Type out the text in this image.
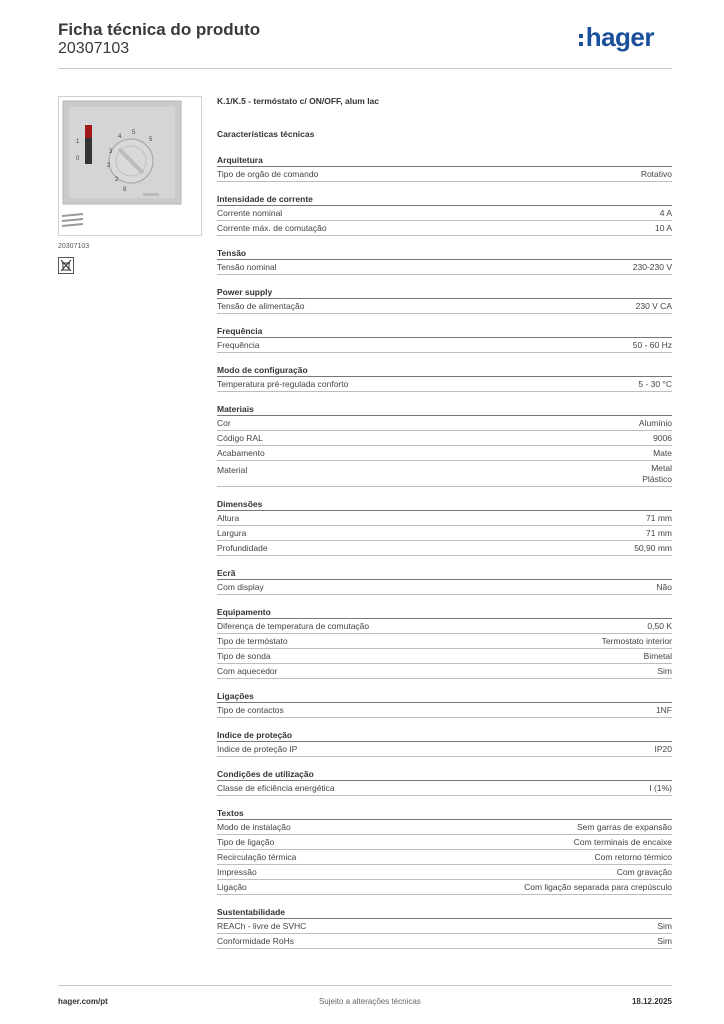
Ficha técnica do produto
20307103	hager
1
0
5
4
3
2
2
8
5
20307103
K.1/K.5 - termóstato c/ ON/OFF, alum lac
Características técnicas
Arquitetura
Tipo de orgão de comando	Rotativo
Intensidade de corrente
Corrente nominal	4 A
Corrente máx. de comutação	10 A
Tensão
Tensão nominal	230-230 V
Power supply
Tensão de alimentação	230 V CA
Frequência
Frequência	50 - 60 Hz
Modo de configuração
Temperatura pré-regulada conforto	5 - 30 °C
Materiais
Cor	Alumínio
Código RAL	9006
Acabamento	Mate
Material	Metal
Plástico
Dimensões
Altura	71 mm
Largura	71 mm
Profundidade	50,90 mm
Ecrã
Com display	Não
Equipamento
Diferença de temperatura de comutação	0,50 K
Tipo de termóstato	Termostato interior
Tipo de sonda	Bimetal
Com aquecedor	Sim
Ligações
Tipo de contactos	1NF
Indice de proteção
Indice de proteção IP	IP20
Condições de utilização
Classe de eficiência energética	I (1%)
Textos
Modo de instalação	Sem garras de expansão
Tipo de ligação	Com terminais de encaixe
Recirculação térmica	Com retorno térmico
Impressão	Com gravação
Ligação	Com ligação separada para crepúsculo
Sustentabilidade
REACh - livre de SVHC	Sim
Conformidade RoHs	Sim
hager.com/pt	Sujeito a alterações técnicas	18.12.2025
